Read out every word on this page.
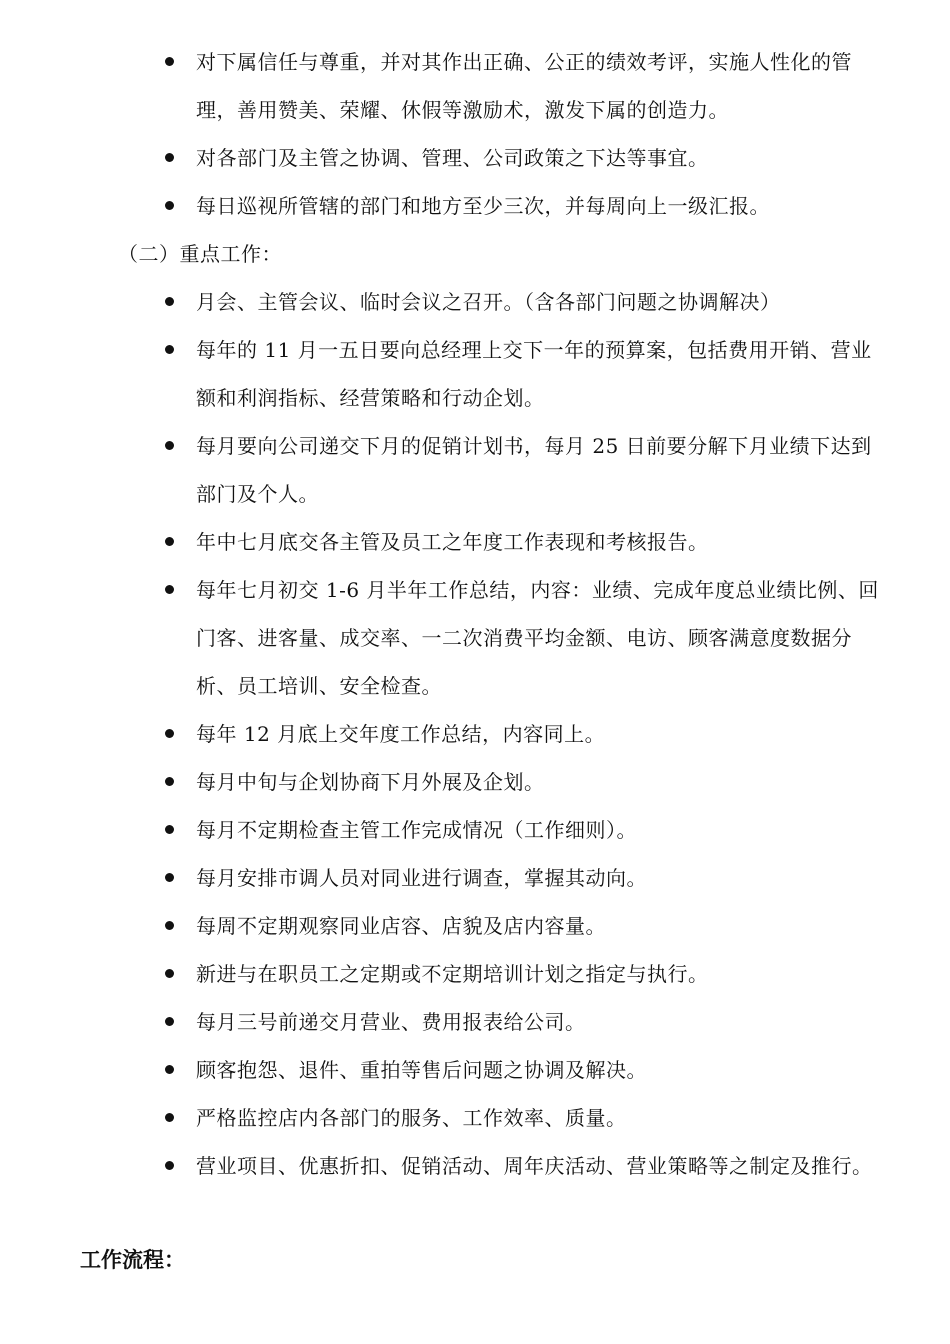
对下属信任与尊重，并对其作出正确、公正的绩效考评，实施人性化的管理，善用赞美、荣耀、休假等激励术，激发下属的创造力。
对各部门及主管之协调、管理、公司政策之下达等事宜。
每日巡视所管辖的部门和地方至少三次，并每周向上一级汇报。
（二）重点工作：
月会、主管会议、临时会议之召开。（含各部门问题之协调解决）
每年的 11 月一五日要向总经理上交下一年的预算案，包括费用开销、营业额和利润指标、经营策略和行动企划。
每月要向公司递交下月的促销计划书，每月 25 日前要分解下月业绩下达到部门及个人。
年中七月底交各主管及员工之年度工作表现和考核报告。
每年七月初交 1-6 月半年工作总结，内容：业绩、完成年度总业绩比例、回门客、进客量、成交率、一二次消费平均金额、电访、顾客满意度数据分析、员工培训、安全检查。
每年 12 月底上交年度工作总结，内容同上。
每月中旬与企划协商下月外展及企划。
每月不定期检查主管工作完成情况（工作细则）。
每月安排市调人员对同业进行调查，掌握其动向。
每周不定期观察同业店容、店貌及店内容量。
新进与在职员工之定期或不定期培训计划之指定与执行。
每月三号前递交月营业、费用报表给公司。
顾客抱怨、退件、重拍等售后问题之协调及解决。
严格监控店内各部门的服务、工作效率、质量。
营业项目、优惠折扣、促销活动、周年庆活动、营业策略等之制定及推行。
工作流程：
